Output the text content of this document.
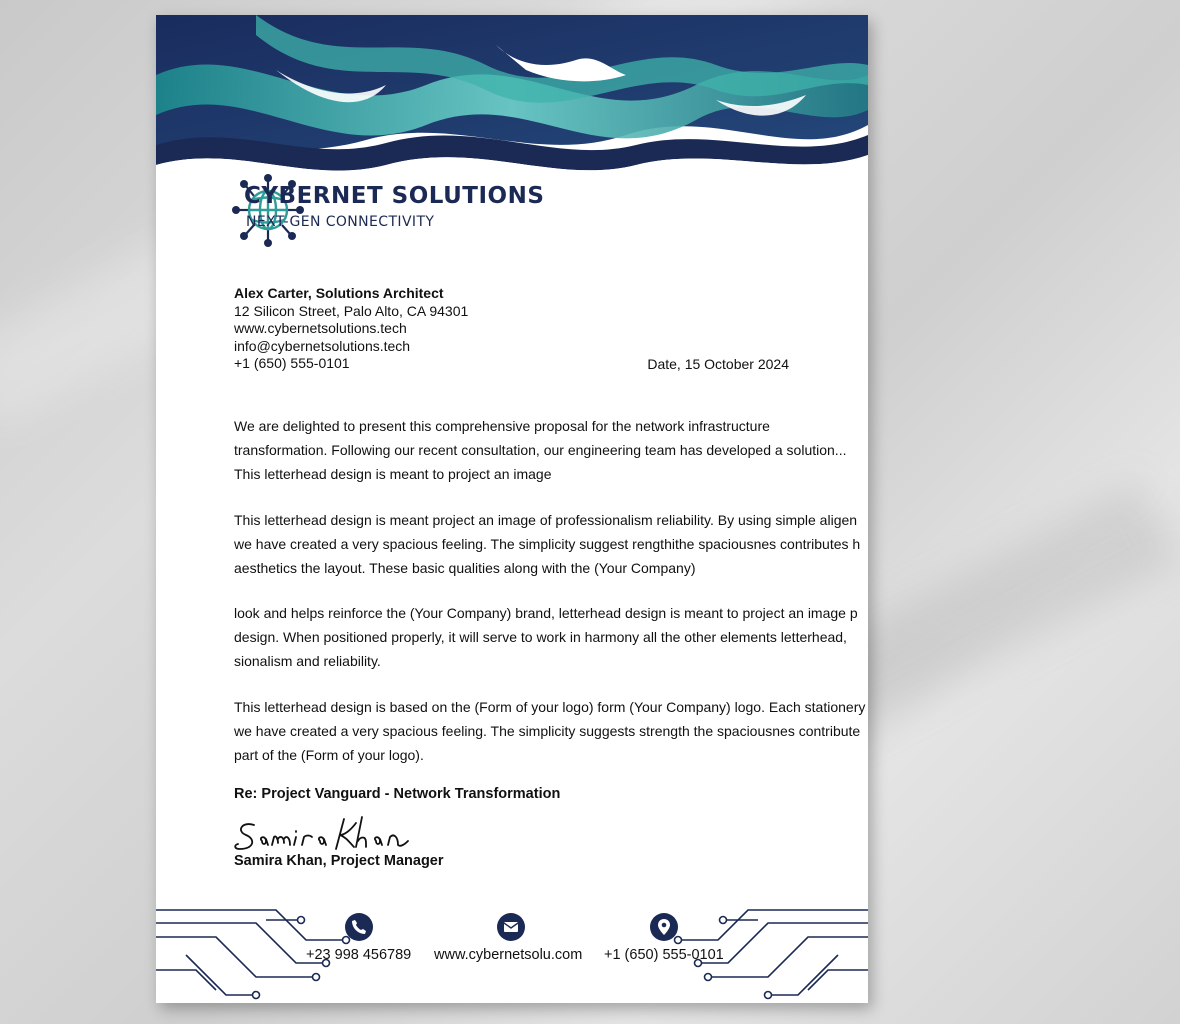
CYBERNET SOLUTIONS
NEXT-GEN CONNECTIVITY
Alex Carter, Solutions Architect
12 Silicon Street, Palo Alto, CA 94301
www.cybernetsolutions.tech
info@cybernetsolutions.tech
+1 (650) 555-0101	Date, 15 October 2024

We are delighted to present this comprehensive proposal for the network infrastructure

transformation. Following our recent consultation, our engineering team has developed a solution...

This letterhead design is meant to project an image

This letterhead design is meant project an image of professionalism reliability. By using simple aligen

we have created a very spacious feeling. The simplicity suggest rengthithe spaciousnes contributes h

aesthetics the layout. These basic qualities along with the (Your Company)

look and helps reinforce the (Your Company) brand, letterhead design is meant to project an image p

design. When positioned properly, it will serve to work in harmony all the other elements letterhead,

sionalism and reliability.

This letterhead design is based on the (Form of your logo) form (Your Company) logo. Each stationery

we have created a very spacious feeling. The simplicity suggests strength the spaciousnes contribute

part of the (Form of your logo).

Re: Project Vanguard - Network Transformation
Samira Khan, Project Manager
+23 998 456789 www.cybernetsolu.com +1 (650) 555-0101
